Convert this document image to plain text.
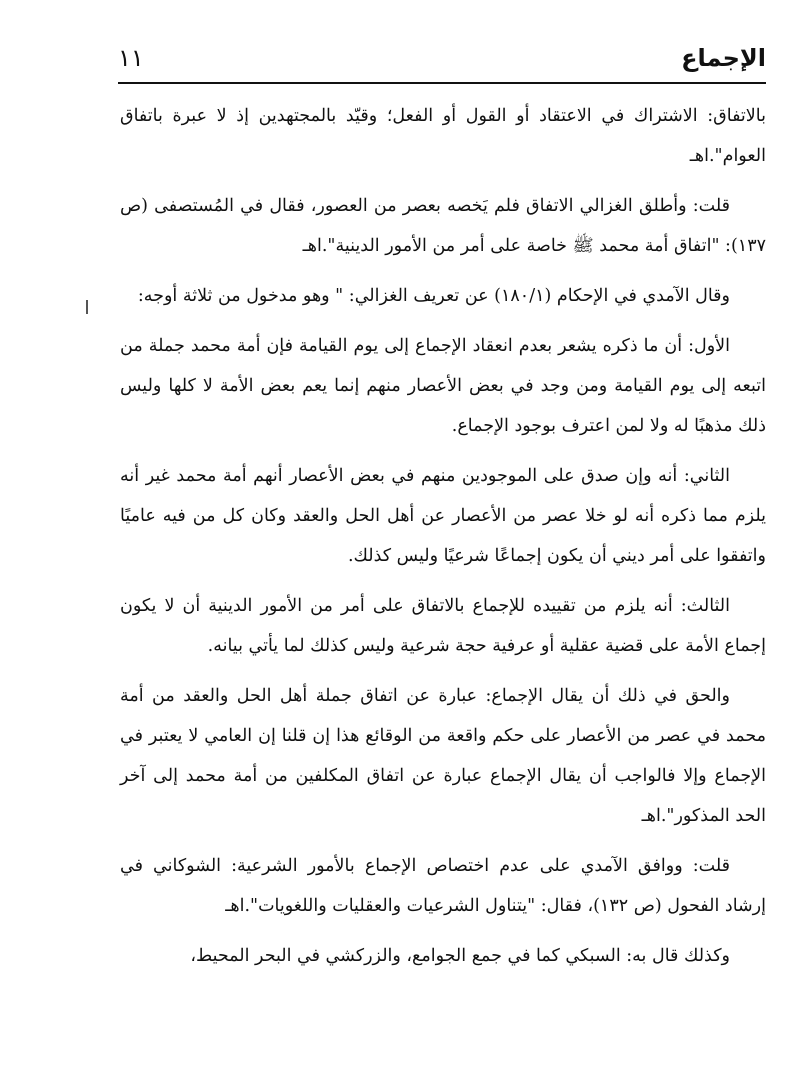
الإجماع
١١

بالاتفاق: الاشتراك في الاعتقاد أو القول أو الفعل؛ وقيّد بالمجتهدين إذ لا عبرة باتفاق العوام".اهـ

قلت: وأطلق الغزالي الاتفاق فلم يَخصه بعصر من العصور، فقال في المُستصفى (ص ١٣٧): "اتفاق أمة محمد ﷺ خاصة على أمر من الأمور الدينية".اهـ

وقال الآمدي في الإحكام (١٨٠/١) عن تعريف الغزالي: " وهو مدخول من ثلاثة أوجه:

الأول: أن ما ذكره يشعر بعدم انعقاد الإجماع إلى يوم القيامة فإن أمة محمد جملة من اتبعه إلى يوم القيامة ومن وجد في بعض الأعصار منهم إنما يعم بعض الأمة لا كلها وليس ذلك مذهبًا له ولا لمن اعترف بوجود الإجماع.

الثاني: أنه وإن صدق على الموجودين منهم في بعض الأعصار أنهم أمة محمد غير أنه يلزم مما ذكره أنه لو خلا عصر من الأعصار عن أهل الحل والعقد وكان كل من فيه عاميًا واتفقوا على أمر ديني أن يكون إجماعًا شرعيًا وليس كذلك.

الثالث: أنه يلزم من تقييده للإجماع بالاتفاق على أمر من الأمور الدينية أن لا يكون إجماع الأمة على قضية عقلية أو عرفية حجة شرعية وليس كذلك لما يأتي بيانه.

والحق في ذلك أن يقال الإجماع: عبارة عن اتفاق جملة أهل الحل والعقد من أمة محمد في عصر من الأعصار على حكم واقعة من الوقائع هذا إن قلنا إن العامي لا يعتبر في الإجماع وإلا فالواجب أن يقال الإجماع عبارة عن اتفاق المكلفين من أمة محمد إلى آخر الحد المذكور".اهـ

قلت: ووافق الآمدي على عدم اختصاص الإجماع بالأمور الشرعية: الشوكاني في إرشاد الفحول (ص ١٣٢)، فقال: "يتناول الشرعيات والعقليات واللغويات".اهـ

وكذلك قال به: السبكي كما في جمع الجوامع، والزركشي في البحر المحيط،
